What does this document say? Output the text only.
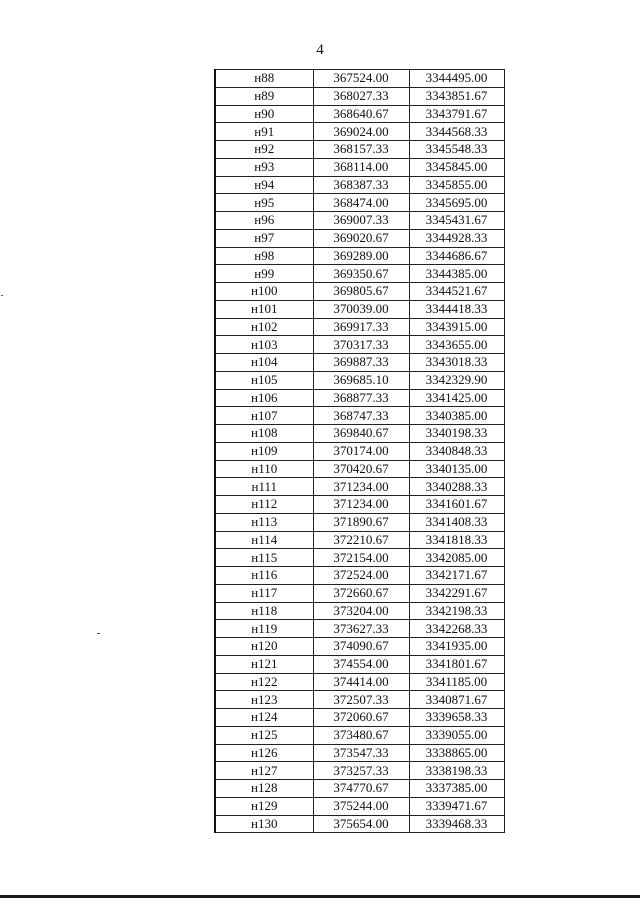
4
н88	367524.00	3344495.00
н89	368027.33	3343851.67
н90	368640.67	3343791.67
н91	369024.00	3344568.33
н92	368157.33	3345548.33
н93	368114.00	3345845.00
н94	368387.33	3345855.00
н95	368474.00	3345695.00
н96	369007.33	3345431.67
н97	369020.67	3344928.33
н98	369289.00	3344686.67
н99	369350.67	3344385.00
н100	369805.67	3344521.67
н101	370039.00	3344418.33
н102	369917.33	3343915.00
н103	370317.33	3343655.00
н104	369887.33	3343018.33
н105	369685.10	3342329.90
н106	368877.33	3341425.00
н107	368747.33	3340385.00
н108	369840.67	3340198.33
н109	370174.00	3340848.33
н110	370420.67	3340135.00
н111	371234.00	3340288.33
н112	371234.00	3341601.67
н113	371890.67	3341408.33
н114	372210.67	3341818.33
н115	372154.00	3342085.00
н116	372524.00	3342171.67
н117	372660.67	3342291.67
н118	373204.00	3342198.33
н119	373627.33	3342268.33
н120	374090.67	3341935.00
н121	374554.00	3341801.67
н122	374414.00	3341185.00
н123	372507.33	3340871.67
н124	372060.67	3339658.33
н125	373480.67	3339055.00
н126	373547.33	3338865.00
н127	373257.33	3338198.33
н128	374770.67	3337385.00
н129	375244.00	3339471.67
н130	375654.00	3339468.33
